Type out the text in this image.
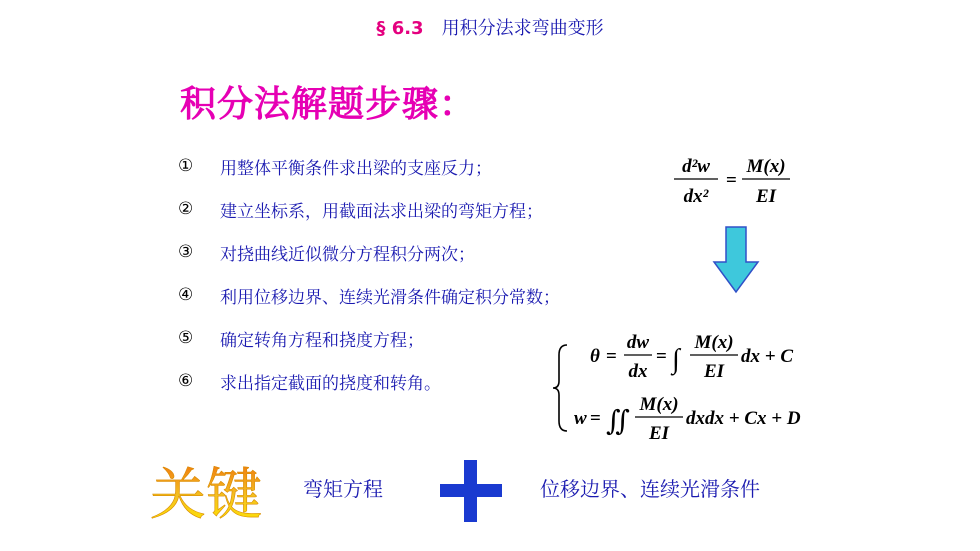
§ 6.3 用积分法求弯曲变形
积分法解题步骤：
①	用整体平衡条件求出梁的支座反力；
②	建立坐标系，用截面法求出梁的弯矩方程；
③	对挠曲线近似微分方程积分两次；
④	利用位移边界、连续光滑条件确定积分常数；
⑤	确定转角方程和挠度方程；
⑥	求出指定截面的挠度和转角。
d²w
dx²
=
M(x)
EI
θ =
dw
dx
= ∫
M(x)
EI
dx + C
w = ∬
M(x)
EI
dxdx + Cx + D
关键 弯矩方程	位移边界、连续光滑条件
